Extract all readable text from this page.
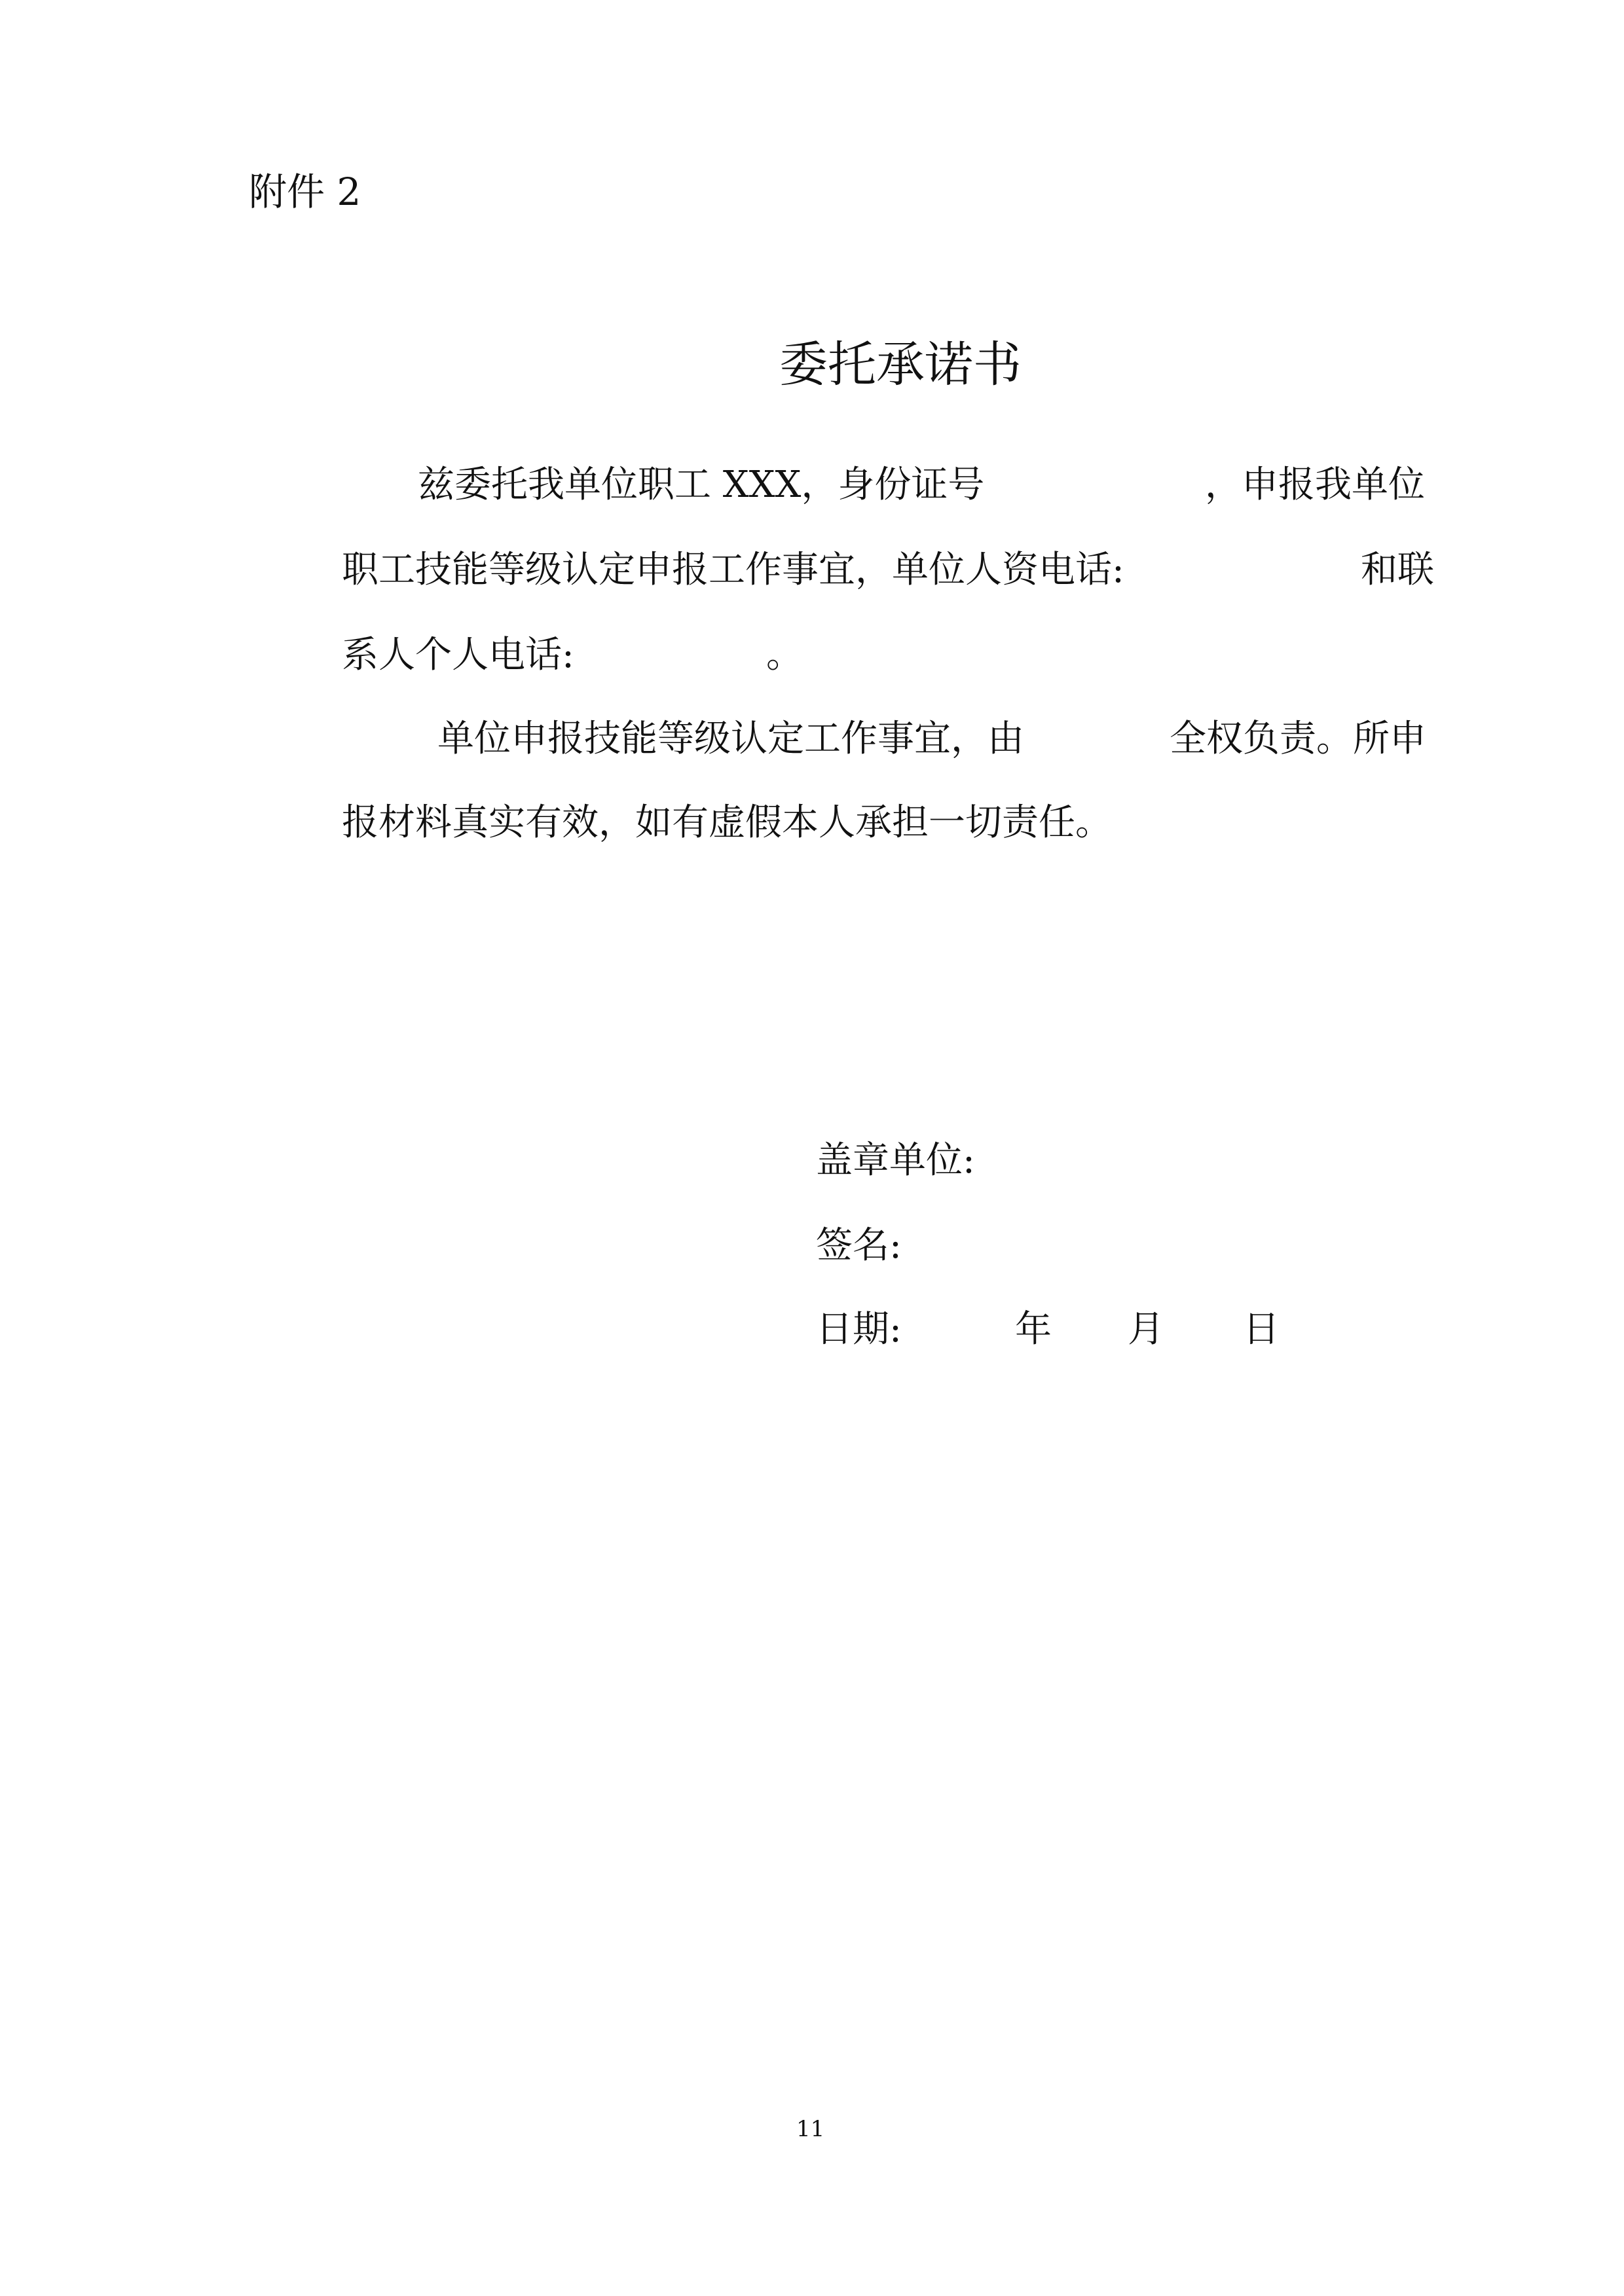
附件 2
委托承诺书
兹委托我单位职工 XXX，身份证号	，申报我单位
职工技能等级认定申报工作事宜，单位人资电话:	和联
系人个人电话:	。
单位申报技能等级认定工作事宜，由	全权负责。所申
报材料真实有效，如有虚假本人承担一切责任。
盖章单位:
签名:
日期:	年 月 日
11
